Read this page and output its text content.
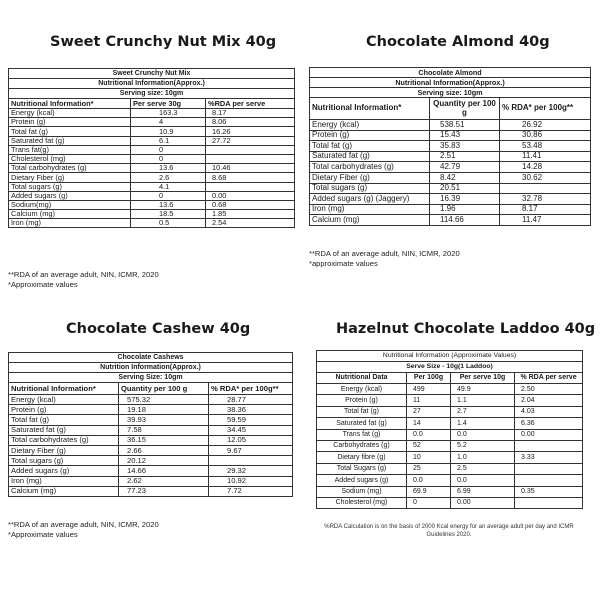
Sweet Crunchy Nut Mix 40g
Sweet Crunchy Nut Mix		
Nutritional Information(Approx.)		
Serving size: 10gm		
Nutritional Information*	Per serve 30g	%RDA per serve
Energy (kcal)	163.3	8.17
Protein (g)	4	8.06
Total fat (g)	10.9	16.26
Saturated fat (g)	6.1	27.72
Trans fat(g)	0	
Cholesterol (mg)	0	
Total carbohydrates (g)	13.6	10.46
Dietary Fiber (g)	2.6	8.68
Total sugars (g)	4.1	
Added sugars (g)	0	0.00
Sodium(mg)	13.6	0.68
Calcium (mg)	18.5	1.85
Iron (mg)	0.5	2.54
**RDA of an average adult, NIN, ICMR, 2020
*Approximate values
Chocolate Almond 40g
Chocolate Almond		
Nutritional Information(Approx.)		
Serving size: 10gm		
Nutritional Information*	Quantity per 100 g	% RDA* per 100g**
Energy (kcal)	538.51	26.92
Protein (g)	15.43	30.86
Total fat (g)	35.83	53.48
Saturated fat (g)	2.51	11.41
Total carbohydrates (g)	42.79	14.28
Dietary Fiber (g)	8.42	30.62
Total sugars (g)	20.51	
Added sugars (g) (Jaggery)	16.39	32.78
Iron (mg)	1.96	8.17
Calcium (mg)	114.66	11.47
**RDA of an average adult, NIN, ICMR, 2020
*approximate values
Chocolate Cashew 40g
Chocolate Cashews		
Nutrition Information(Approx.)		
Serving Size: 10gm		
Nutritional Information*	Quantity per 100 g	% RDA* per 100g**
Energy (kcal)	575.32	28.77
Protein (g)	19.18	38.36
Total fat (g)	39.93	59.59
Saturated fat (g)	7.58	34.45
Total carbohydrates (g)	36.15	12.05
Dietary Fiber (g)	2.66	9.67
Total sugars (g)	20.12	
Added sugars (g)	14.66	29.32
Iron (mg)	2.62	10.92
Calcium (mg)	77.23	7.72
**RDA of an average adult, NIN, ICMR, 2020
*Approximate values
Hazelnut Chocolate Laddoo 40g
Nutritional Information (Approximate Values)			
Serve Size - 10g(1 Laddoo)			
Nutritional Data	Per 100g	Per serve 10g	% RDA per serve
Energy (kcal)	499	49.9	2.50
Protein (g)	11	1.1	2.04
Total fat (g)	27	2.7	4.03
Saturated fat (g)	14	1.4	6.36
Trans fat (g)	0.0	0.0	0.00
Carbohydrates (g)	52	5.2	
Dietary fibre (g)	10	1.0	3.33
Total Sugars (g)	25	2.5	
Added sugars (g)	0.0	0.0	
Sodium (mg)	69.9	6.99	0.35
Cholesterol (mg)	0	0.00	
%RDA Calculation is on the basis of 2000 Kcal energy for an average adult per day and ICMR Guidelines 2020.
